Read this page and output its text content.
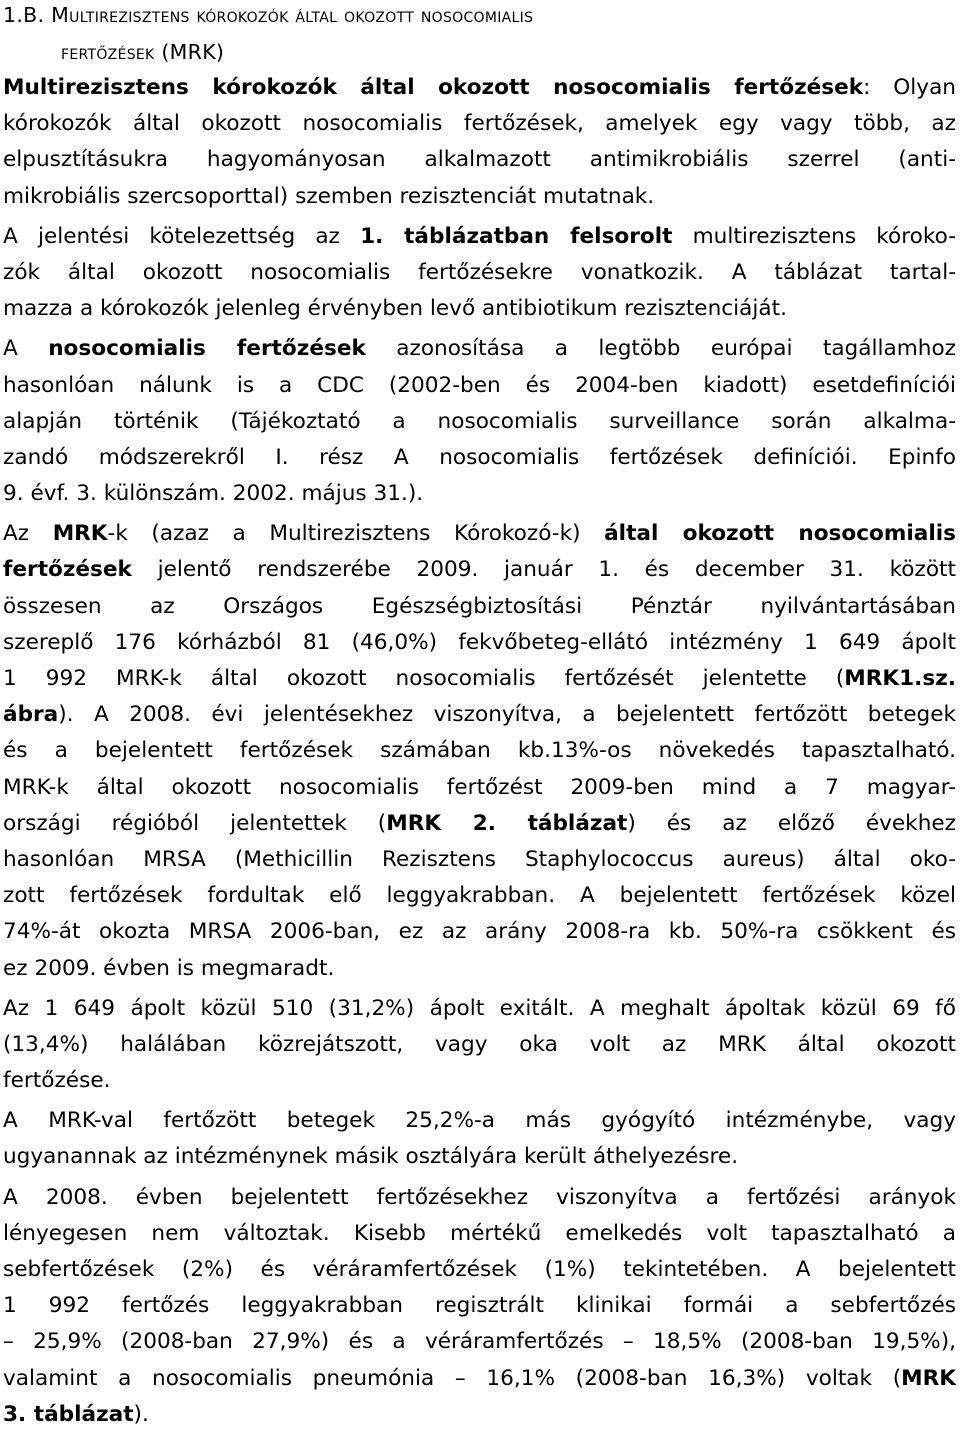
1.B. Multirezisztens kórokozók által okozott nosocomialis
fertőzések (MRK)
Multirezisztens kórokozók által okozott nosocomialis fertőzések: Olyan
kórokozók által okozott nosocomialis fertőzések, amelyek egy vagy több, az
elpusztításukra hagyományosan alkalmazott antimikrobiális szerrel (anti-
mikrobiális szercsoporttal) szemben rezisztenciát mutatnak.
A jelentési kötelezettség az 1. táblázatban felsorolt multirezisztens kóroko-
zók által okozott nosocomialis fertőzésekre vonatkozik. A táblázat tartal-
mazza a kórokozók jelenleg érvényben levő antibiotikum rezisztenciáját.
A nosocomialis fertőzések azonosítása a legtöbb európai tagállamhoz
hasonlóan nálunk is a CDC (2002-ben és 2004-ben kiadott) esetdefiníciói
alapján történik (Tájékoztató a nosocomialis surveillance során alkalma-
zandó módszerekről I. rész A nosocomialis fertőzések definíciói. Epinfo
9. évf. 3. különszám. 2002. május 31.).
Az MRK-k (azaz a Multirezisztens Kórokozó-k) által okozott nosocomialis
fertőzések jelentő rendszerébe 2009. január 1. és december 31. között
összesen az Országos Egészségbiztosítási Pénztár nyilvántartásában
szereplő 176 kórházból 81 (46,0%) fekvőbeteg-ellátó intézmény 1 649 ápolt
1 992 MRK-k által okozott nosocomialis fertőzését jelentette (MRK1.sz.
ábra). A 2008. évi jelentésekhez viszonyítva, a bejelentett fertőzött betegek
és a bejelentett fertőzések számában kb.13%-os növekedés tapasztalható.
MRK-k által okozott nosocomialis fertőzést 2009-ben mind a 7 magyar-
országi régióból jelentettek (MRK 2. táblázat) és az előző évekhez
hasonlóan MRSA (Methicillin Rezisztens Staphylococcus aureus) által oko-
zott fertőzések fordultak elő leggyakrabban. A bejelentett fertőzések közel
74%-át okozta MRSA 2006-ban, ez az arány 2008-ra kb. 50%-ra csökkent és
ez 2009. évben is megmaradt.
Az 1 649 ápolt közül 510 (31,2%) ápolt exitált. A meghalt ápoltak közül 69 fő
(13,4%) halálában közrejátszott, vagy oka volt az MRK által okozott
fertőzése.
A MRK-val fertőzött betegek 25,2%-a más gyógyító intézménybe, vagy
ugyanannak az intézménynek másik osztályára került áthelyezésre.
A 2008. évben bejelentett fertőzésekhez viszonyítva a fertőzési arányok
lényegesen nem változtak. Kisebb mértékű emelkedés volt tapasztalható a
sebfertőzések (2%) és véráramfertőzések (1%) tekintetében. A bejelentett
1 992 fertőzés leggyakrabban regisztrált klinikai formái a sebfertőzés
– 25,9% (2008-ban 27,9%) és a véráramfertőzés – 18,5% (2008-ban 19,5%),
valamint a nosocomialis pneumónia – 16,1% (2008-ban 16,3%) voltak (MRK
3. táblázat).
